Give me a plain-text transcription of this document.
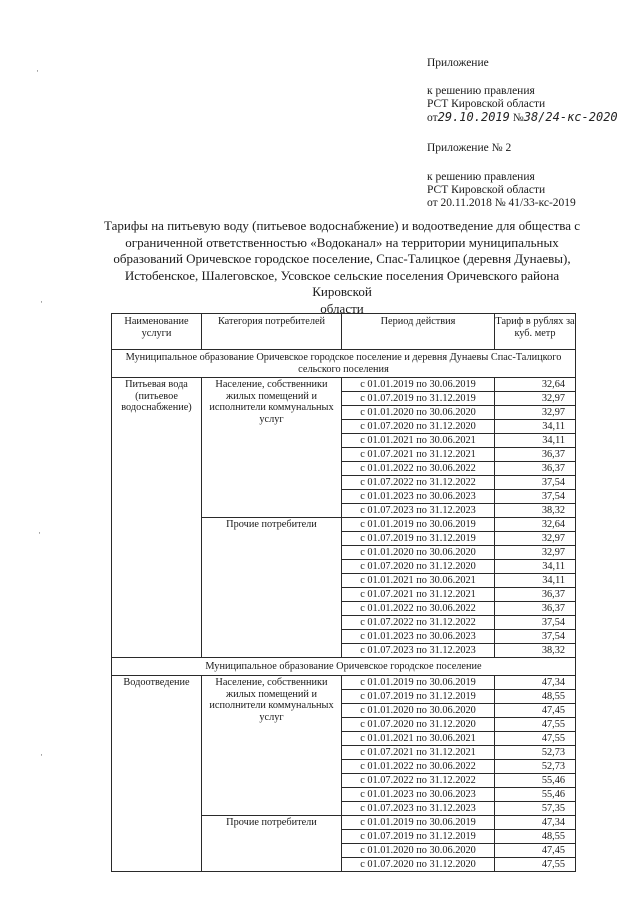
Приложение
к решению правления
РСТ Кировской области
от29.10.2019 №38/24-кс-2020
Приложение № 2
к решению правления
РСТ Кировской области
от 20.11.2018 № 41/33-кс-2019
Тарифы на питьевую воду (питьевое водоснабжение) и водоотведение для общества с
ограниченной ответственностью «Водоканал» на территории муниципальных
образований Оричевское городское поселение, Спас-Талицкое (деревня Дунаевы),
Истобенское, Шалеговское, Усовское сельские поселения Оричевского района Кировской
области
Наименование услуги	Категория потребителей	Период действия	Тариф в рублях за куб. метр
Муниципальное образование Оричевское городское поселение и деревня Дунаевы Спас-Талицкого сельского поселения			
Питьевая вода (питьевое водоснабжение)	Население, собственники жилых помещений и исполнители коммунальных услуг	с 01.01.2019 по 30.06.2019	32,64
		с 01.07.2019 по 31.12.2019	32,97
		с 01.01.2020 по 30.06.2020	32,97
		с 01.07.2020 по 31.12.2020	34,11
		с 01.01.2021 по 30.06.2021	34,11
		с 01.07.2021 по 31.12.2021	36,37
		с 01.01.2022 по 30.06.2022	36,37
		с 01.07.2022 по 31.12.2022	37,54
		с 01.01.2023 по 30.06.2023	37,54
		с 01.07.2023 по 31.12.2023	38,32
	Прочие потребители	с 01.01.2019 по 30.06.2019	32,64
		с 01.07.2019 по 31.12.2019	32,97
		с 01.01.2020 по 30.06.2020	32,97
		с 01.07.2020 по 31.12.2020	34,11
		с 01.01.2021 по 30.06.2021	34,11
		с 01.07.2021 по 31.12.2021	36,37
		с 01.01.2022 по 30.06.2022	36,37
		с 01.07.2022 по 31.12.2022	37,54
		с 01.01.2023 по 30.06.2023	37,54
		с 01.07.2023 по 31.12.2023	38,32
Муниципальное образование Оричевское городское поселение			
Водоотведение	Население, собственники жилых помещений и исполнители коммунальных услуг	с 01.01.2019 по 30.06.2019	47,34
		с 01.07.2019 по 31.12.2019	48,55
		с 01.01.2020 по 30.06.2020	47,45
		с 01.07.2020 по 31.12.2020	47,55
		с 01.01.2021 по 30.06.2021	47,55
		с 01.07.2021 по 31.12.2021	52,73
		с 01.01.2022 по 30.06.2022	52,73
		с 01.07.2022 по 31.12.2022	55,46
		с 01.01.2023 по 30.06.2023	55,46
		с 01.07.2023 по 31.12.2023	57,35
	Прочие потребители	с 01.01.2019 по 30.06.2019	47,34
		с 01.07.2019 по 31.12.2019	48,55
		с 01.01.2020 по 30.06.2020	47,45
		с 01.07.2020 по 31.12.2020	47,55
·
·
·
·
